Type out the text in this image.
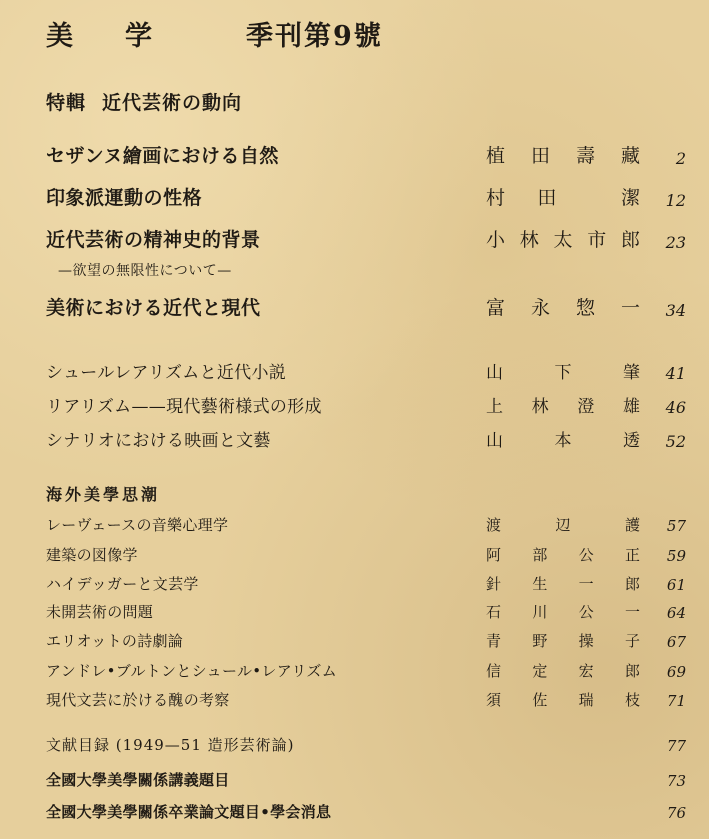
美学 季刊第9號
特輯 近代芸術の動向
セザンヌ繪画における自然	植 田 壽 藏 2
印象派運動の性格	村 田	潔 12
近代芸術の精神史的背景	小 林 太 市 郎 23
美術における近代と現代	富 永 惣 一 34
—欲望の無限性について—
シュールレアリズムと近代小説	山	下	肇 41
リアリズム——現代藝術様式の形成	上 林 澄 雄 46
シナリオにおける映画と文藝	山	本	透 52
海外美學思潮
レーヴェースの音樂心理学	渡	辺	護 57
建築の図像学	阿 部 公 正 59
ハイデッガーと文芸学	針 生 一 郎 61
未開芸術の問題	石 川 公 一 64
エリオットの詩劇論	青 野 操 子 67
アンドレ•ブルトンとシュール•レアリズム	信 定 宏 郎 69
現代文芸に於ける醜の考察	須 佐 瑞 枝 71
文献目録 (1949—51 造形芸術論)	77
全國大學美學關係講義題目	73
全國大學美學關係卒業論文題目•學会消息	76
